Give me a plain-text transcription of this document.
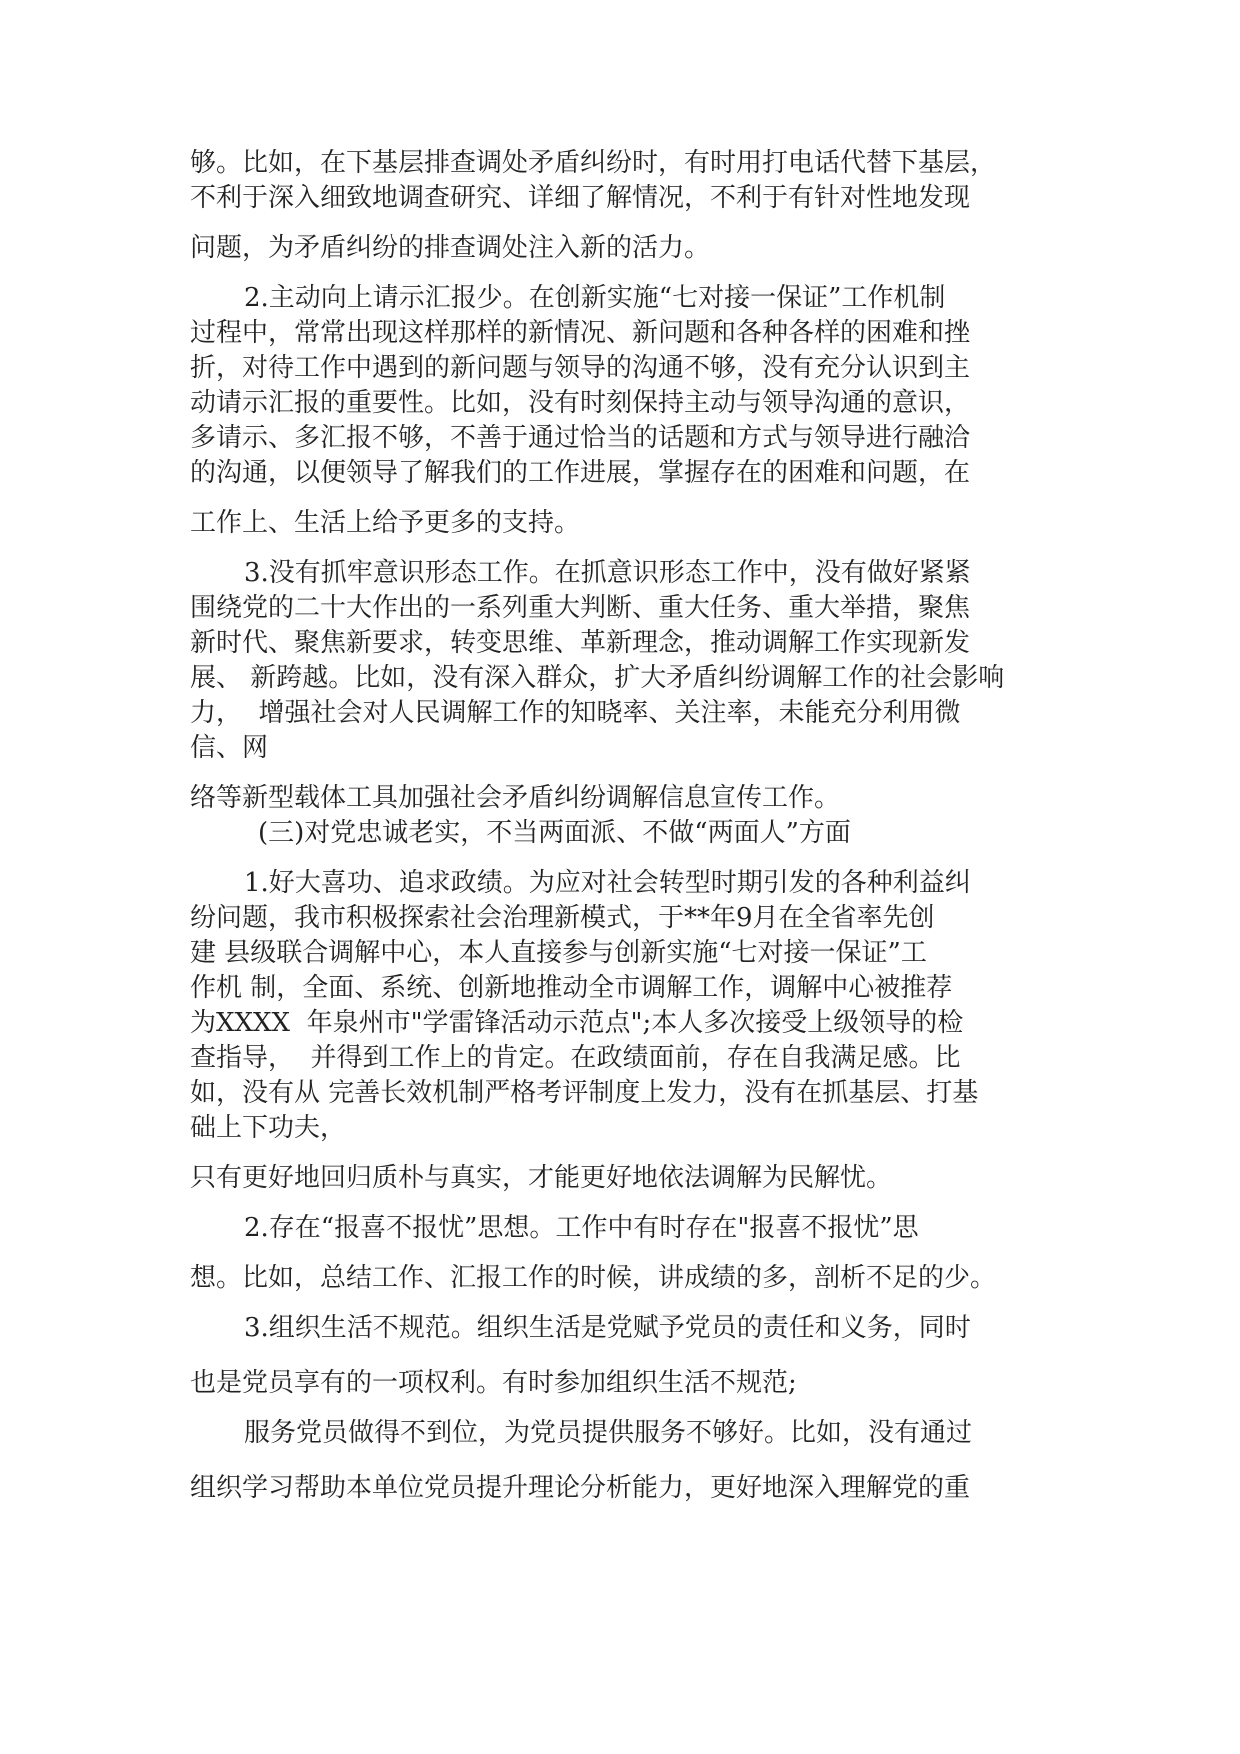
够。比如，在下基层排查调处矛盾纠纷时，有时用打电话代替下基层，

不利于深入细致地调查研究、详细了解情况，不利于有针对性地发现

问题，为矛盾纠纷的排查调处注入新的活力。

2.主动向上请示汇报少。在创新实施“七对接一保证”工作机制

过程中，常常出现这样那样的新情况、新问题和各种各样的困难和挫

折，对待工作中遇到的新问题与领导的沟通不够，没有充分认识到主

动请示汇报的重要性。比如，没有时刻保持主动与领导沟通的意识，

多请示、多汇报不够，不善于通过恰当的话题和方式与领导进行融洽

的沟通，以便领导了解我们的工作进展，掌握存在的困难和问题，在

工作上、生活上给予更多的支持。

3.没有抓牢意识形态工作。在抓意识形态工作中，没有做好紧紧

围绕党的二十大作出的一系列重大判断、重大任务、重大举措，聚焦

新时代、聚焦新要求，转变思维、革新理念，推动调解工作实现新发

展、 新跨越。比如，没有深入群众，扩大矛盾纠纷调解工作的社会影响

力，  增强社会对人民调解工作的知晓率、关注率，未能充分利用微

信、网

络等新型载体工具加强社会矛盾纠纷调解信息宣传工作。

(三)对党忠诚老实，不当两面派、不做“两面人”方面

1.好大喜功、追求政绩。为应对社会转型时期引发的各种利益纠

纷问题，我市积极探索社会治理新模式，于**年9月在全省率先创

建 县级联合调解中心，本人直接参与创新实施“七对接一保证”工

作机 制，全面、系统、创新地推动全市调解工作，调解中心被推荐

为XXXX  年泉州市"学雷锋活动示范点";本人多次接受上级领导的检

查指导，  并得到工作上的肯定。在政绩面前，存在自我满足感。比

如，没有从 完善长效机制严格考评制度上发力，没有在抓基层、打基

础上下功夫，

只有更好地回归质朴与真实，才能更好地依法调解为民解忧。

2.存在“报喜不报忧”思想。工作中有时存在"报喜不报忧”思

想。比如，总结工作、汇报工作的时候，讲成绩的多，剖析不足的少。

3.组织生活不规范。组织生活是党赋予党员的责任和义务，同时

也是党员享有的一项权利。有时参加组织生活不规范;

服务党员做得不到位，为党员提供服务不够好。比如，没有通过

组织学习帮助本单位党员提升理论分析能力，更好地深入理解党的重
